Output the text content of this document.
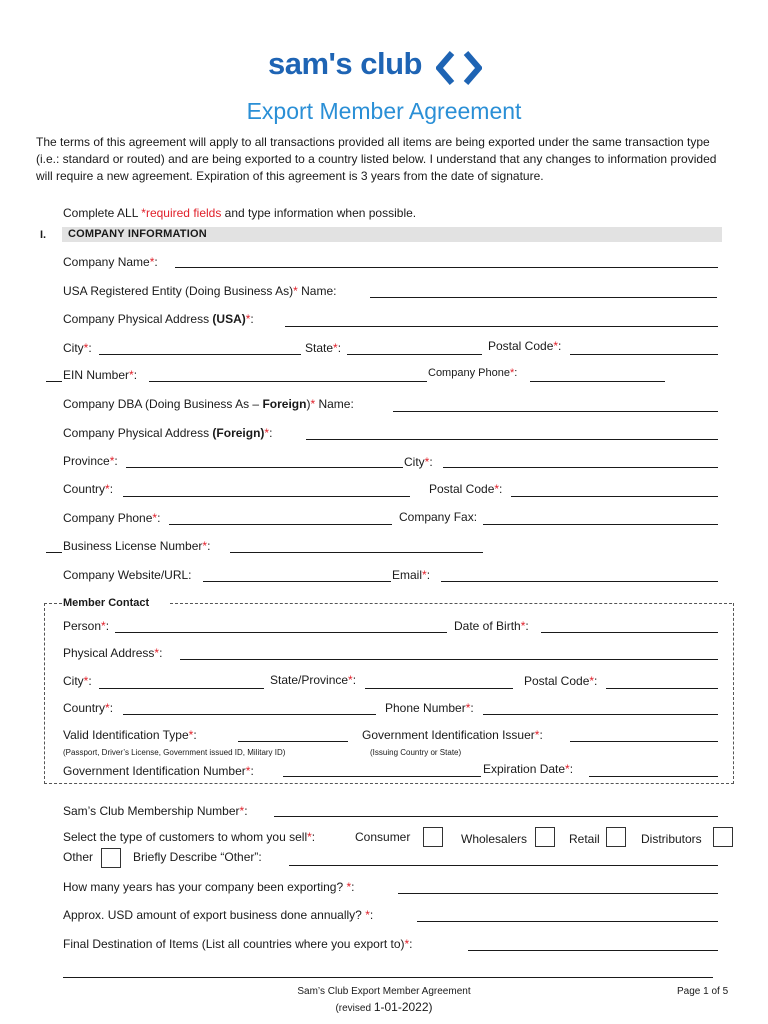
sam's club
Export Member Agreement
The terms of this agreement will apply to all transactions provided all items are being exported under the same transaction type (i.e.: standard or routed) and are being exported to a country listed below. I understand that any changes to information provided will require a new agreement. Expiration of this agreement is 3 years from the date of signature.
Complete ALL *required fields and type information when possible.
I. COMPANY INFORMATION
Company Name*:
USA Registered Entity (Doing Business As)* Name:
Company Physical Address (USA)*:
City*:	State*:	Postal Code*:
EIN Number*:	Company Phone*:
Company DBA (Doing Business As – Foreign)* Name:
Company Physical Address (Foreign)*:
Province*:	City*:
Country*:	Postal Code*:
Company Phone*:	Company Fax:
Business License Number*:
Company Website/URL:	Email*:
Member Contact
Person*:	Date of Birth*:
Physical Address*:
City*:	State/Province*:	Postal Code*:
Country*:	Phone Number*:
Valid Identification Type*:
(Passport, Driver’s License, Government issued ID, Military ID)
Government Identification Issuer*:
(Issuing Country or State)
Government Identification Number*:	Expiration Date*:
Sam’s Club Membership Number*:
Select the type of customers to whom you sell*:	Consumer	Wholesalers	Retail	Distributors
Other	Briefly Describe “Other”:
How many years has your company been exporting? *:
Approx. USD amount of export business done annually? *:
Final Destination of Items (List all countries where you export to)*:
Sam’s Club Export Member Agreement
(revised 1-01-2022)
Page 1 of 5
